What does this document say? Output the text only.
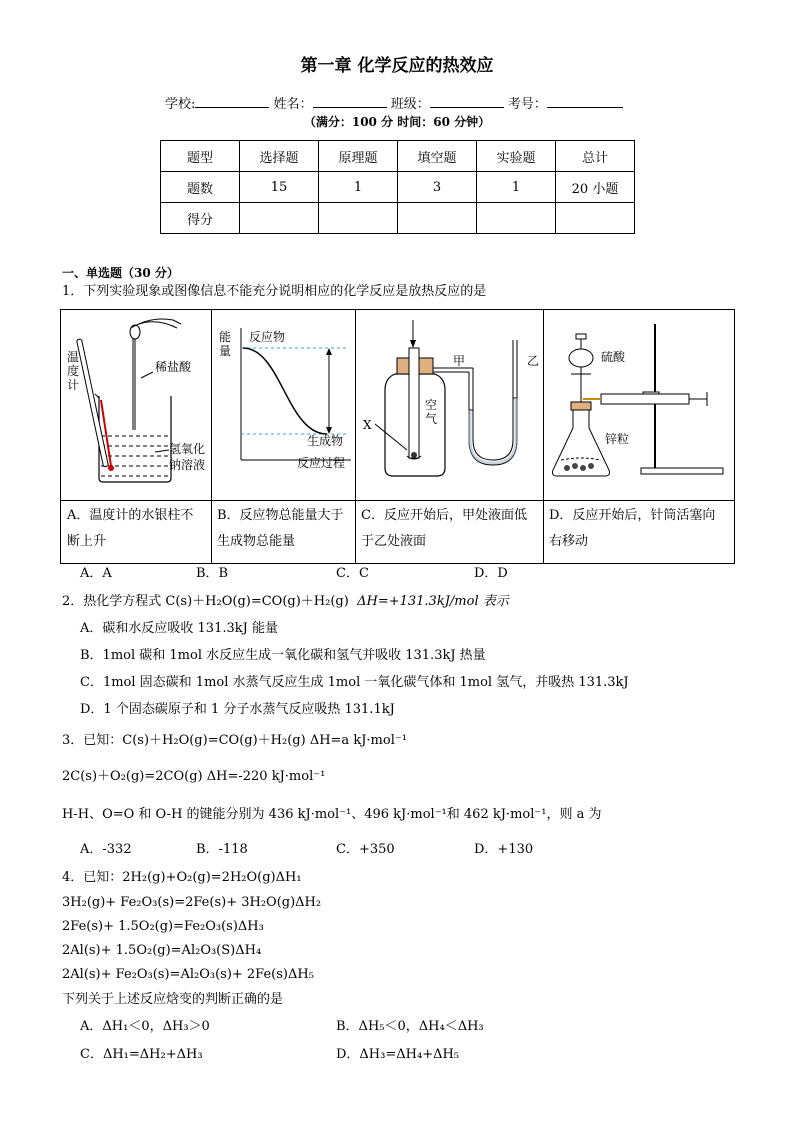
第一章 化学反应的热效应
学校:	姓名：	班级：	考号：
（满分：100 分 时间：60 分钟）
题型	选择题	原理题	填空题	实验题	总计
题数	15	1	3	1	20 小题
得分					
一、单选题（30 分）
1．下列实验现象或图像信息不能充分说明相应的化学反应是放热反应的是
温度计
稀盐酸
氢氧化
钠溶液
A．温度计的水银柱不断上升
能量
反应物
生成物
反应过程
B．反应物总能量大于生成物总能量
X
空气
甲	乙
C．反应开始后，甲处液面低于乙处液面
硫酸
锌粒
D．反应开始后，针筒活塞向右移动
A．A	B．B	C．C	D．D
2．热化学方程式 C(s)＋H₂O(g)=CO(g)＋H₂(g) ΔH=+131.3kJ/mol 表示
A．碳和水反应吸收 131.3kJ 能量
B．1mol 碳和 1mol 水反应生成一氧化碳和氢气并吸收 131.3kJ 热量
C．1mol 固态碳和 1mol 水蒸气反应生成 1mol 一氧化碳气体和 1mol 氢气，并吸热 131.3kJ
D．1 个固态碳原子和 1 分子水蒸气反应吸热 131.1kJ
3．已知：C(s)＋H₂O(g)=CO(g)＋H₂(g) ΔH=a kJ·mol⁻¹
2C(s)＋O₂(g)=2CO(g) ΔH=-220 kJ·mol⁻¹
H-H、O=O 和 O-H 的键能分别为 436 kJ·mol⁻¹、496 kJ·mol⁻¹和 462 kJ·mol⁻¹，则 a 为
A．-332	B．-118	C．+350	D．+130
4．已知：2H₂(g)+O₂(g)=2H₂O(g)ΔH₁
3H₂(g)+ Fe₂O₃(s)=2Fe(s)+ 3H₂O(g)ΔH₂
2Fe(s)+ 1.5O₂(g)=Fe₂O₃(s)ΔH₃
2Al(s)+ 1.5O₂(g)=Al₂O₃(S)ΔH₄
2Al(s)+ Fe₂O₃(s)=Al₂O₃(s)+ 2Fe(s)ΔH₅
下列关于上述反应焓变的判断正确的是
A．ΔH₁＜0，ΔH₃＞0	B．ΔH₅＜0，ΔH₄＜ΔH₃
C．ΔH₁=ΔH₂+ΔH₃	D．ΔH₃=ΔH₄+ΔH₅
